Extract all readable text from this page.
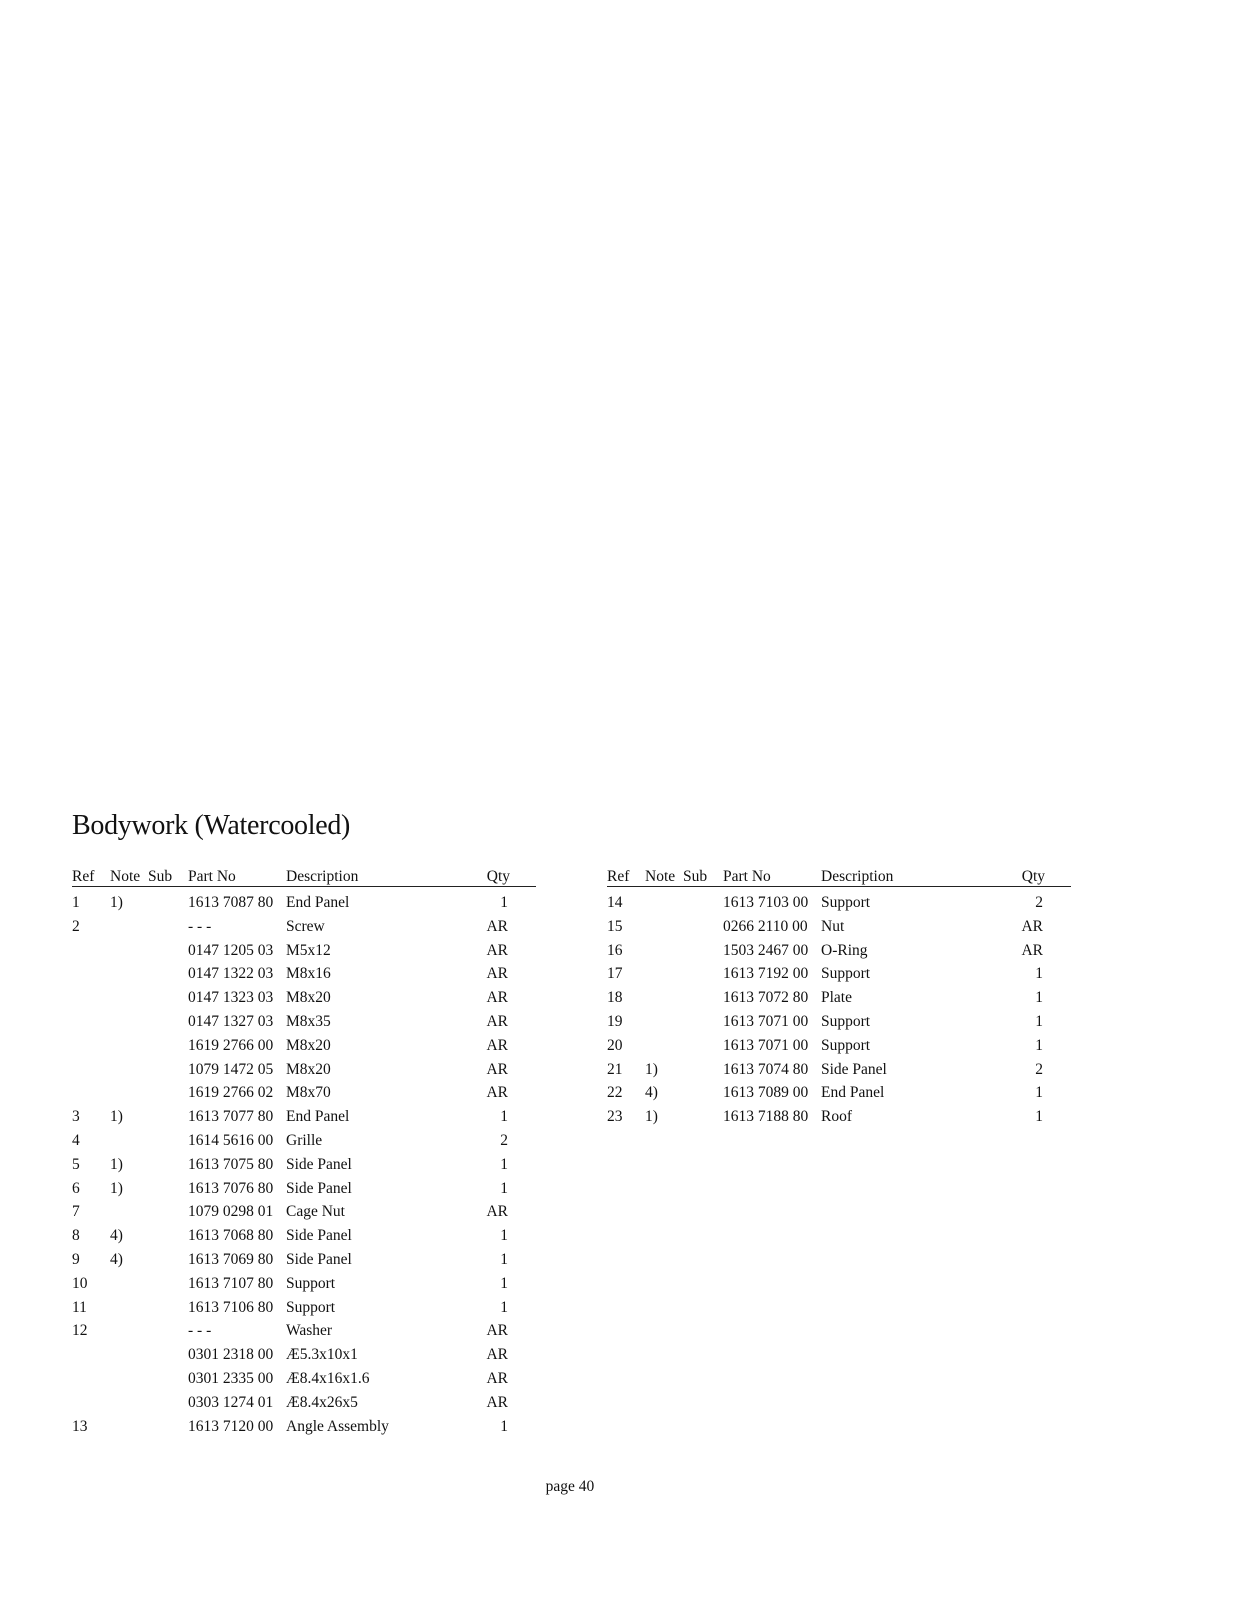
Bodywork (Watercooled)
Ref Note Sub Part No	Description	Qty
1 1)	1613 7087 80 End Panel	1
2	- - -	Screw	AR
0147 1205 03 M5x12	AR
0147 1322 03 M8x16	AR
0147 1323 03 M8x20	AR
0147 1327 03 M8x35	AR
1619 2766 00 M8x20	AR
1079 1472 05 M8x20	AR
1619 2766 02 M8x70	AR
3 1)	1613 7077 80 End Panel	1
4	1614 5616 00 Grille	2
5 1)	1613 7075 80 Side Panel	1
6 1)	1613 7076 80 Side Panel	1
7	1079 0298 01 Cage Nut	AR
8 4)	1613 7068 80 Side Panel	1
9 4)	1613 7069 80 Side Panel	1
10	1613 7107 80 Support	1
11	1613 7106 80 Support	1
12	- - -	Washer	AR
0301 2318 00 Æ5.3x10x1	AR
0301 2335 00 Æ8.4x16x1.6	AR
0303 1274 01 Æ8.4x26x5	AR
13	1613 7120 00 Angle Assembly	1
Ref Note Sub Part No	Description	Qty
14	1613 7103 00 Support	2
15	0266 2110 00 Nut	AR
16	1503 2467 00 O-Ring	AR
17	1613 7192 00 Support	1
18	1613 7072 80 Plate	1
19	1613 7071 00 Support	1
20	1613 7071 00 Support	1
21 1)	1613 7074 80 Side Panel	2
22 4)	1613 7089 00 End Panel	1
23 1)	1613 7188 80 Roof	1
page 40
